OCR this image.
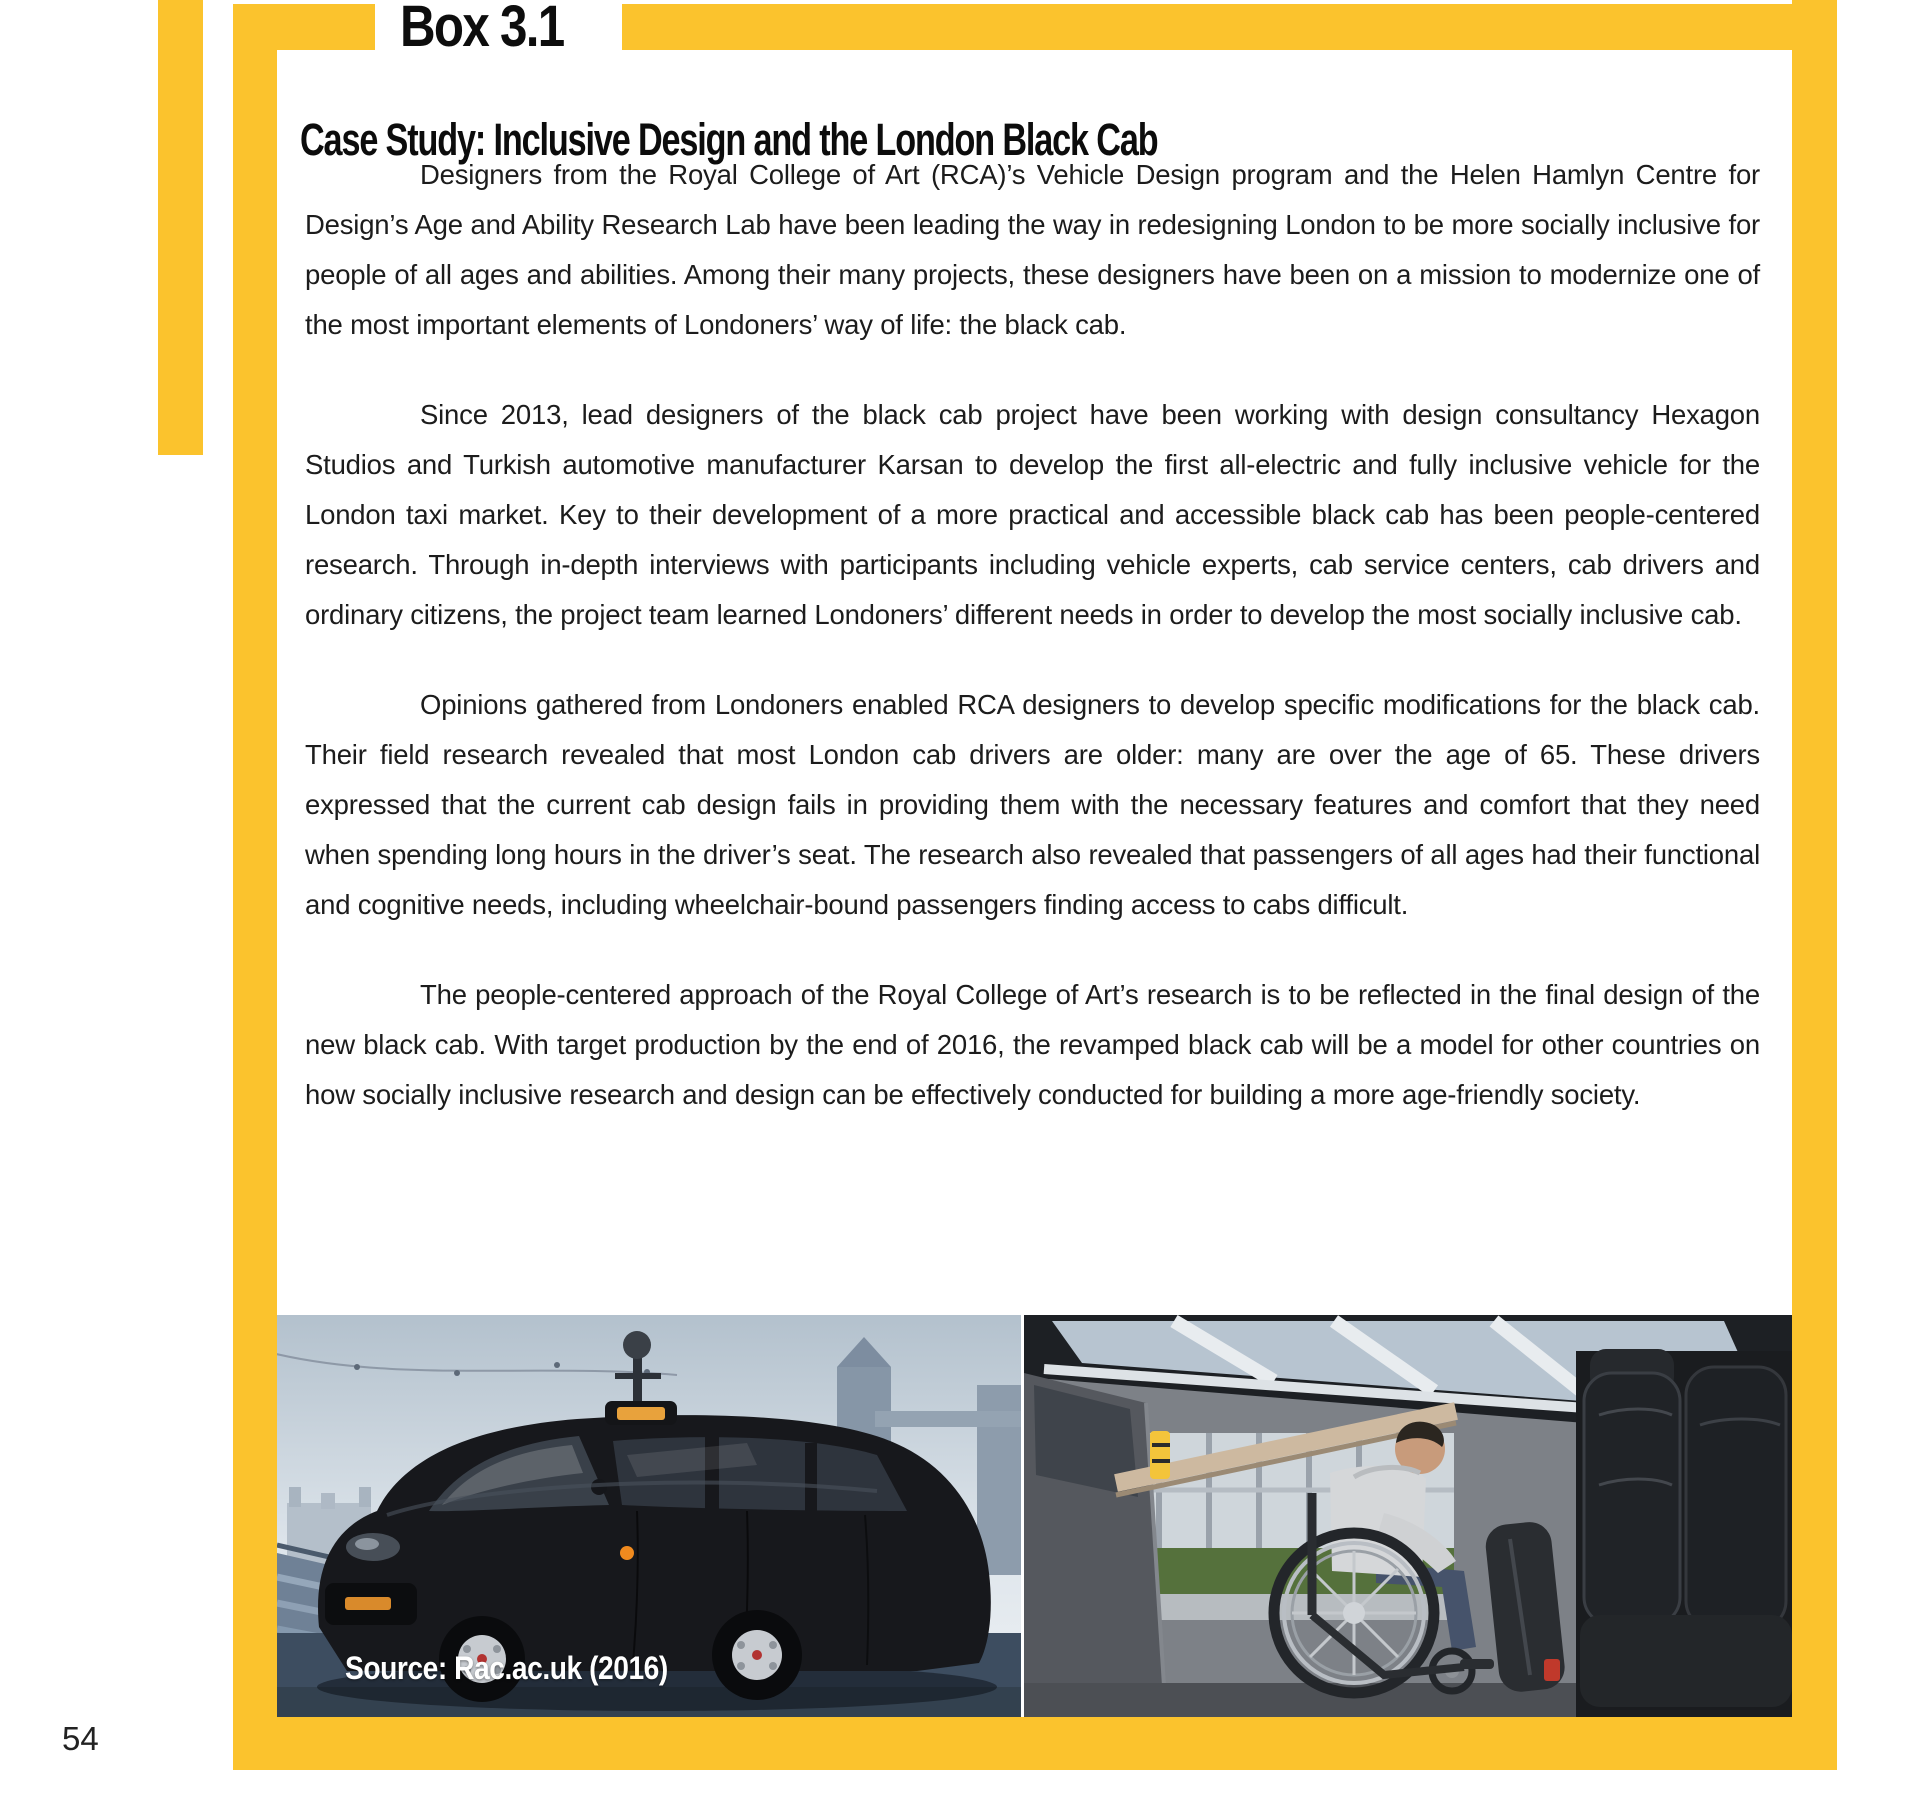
Box 3.1
Case Study: Inclusive Design and the London Black Cab

Designers from the Royal College of Art (RCA)’s Vehicle Design program and the Helen Hamlyn Centre for Design’s Age and Ability Research Lab have been leading the way in redesigning London to be more socially inclusive for people of all ages and abilities. Among their many projects, these designers have been on a mission to modernize one of the most important elements of Londoners’ way of life: the black cab.

Since 2013, lead designers of the black cab project have been working with design consultancy Hexagon Studios and Turkish automotive manufacturer Karsan to develop the first all-electric and fully inclusive vehicle for the London taxi market. Key to their development of a more practical and accessible black cab has been people-centered research. Through in-depth interviews with participants including vehicle experts, cab service centers, cab drivers and ordinary citizens, the project team learned Londoners’ different needs in order to develop the most socially inclusive cab.

Opinions gathered from Londoners enabled RCA designers to develop specific modifications for the black cab. Their field research revealed that most London cab drivers are older: many are over the age of 65. These drivers expressed that the current cab design fails in providing them with the necessary features and comfort that they need when spending long hours in the driver’s seat. The research also revealed that passengers of all ages had their functional and cognitive needs, including wheelchair-bound passengers finding access to cabs difficult.

The people-centered approach of the Royal College of Art’s research is to be reflected in the final design of the new black cab. With target production by the end of 2016, the revamped black cab will be a model for other countries on how socially inclusive research and design can be effectively conducted for building a more age-friendly society.

Source: Rac.ac.uk (2016)
54
